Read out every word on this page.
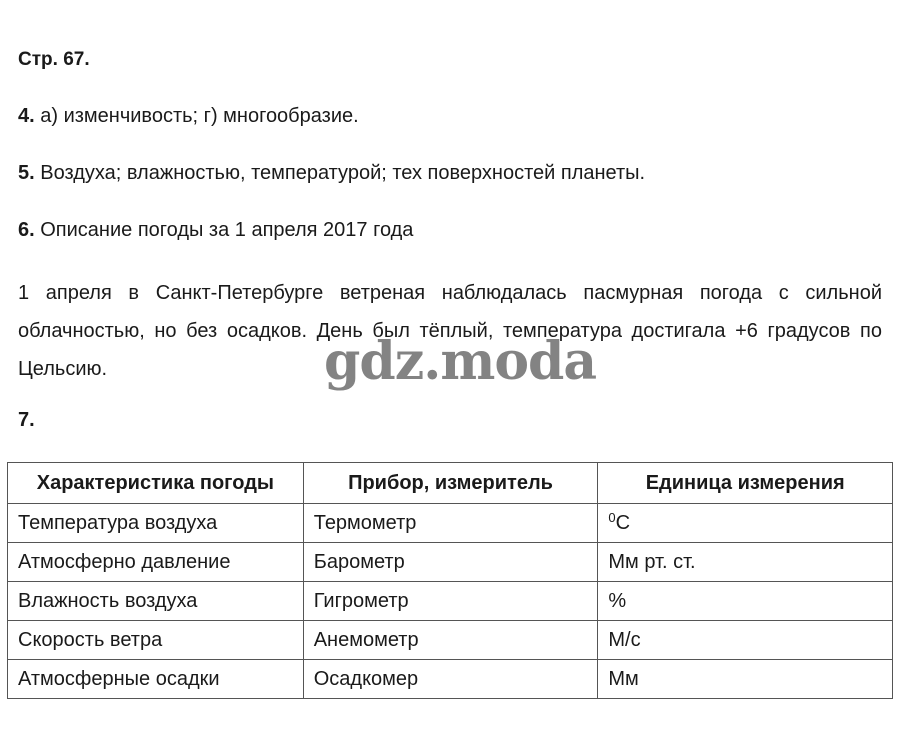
Стр. 67.
4. а) изменчивость; г) многообразие.
5. Воздуха; влажностью, температурой; тех поверхностей планеты.
6. Описание погоды за 1 апреля 2017 года
1 апреля в Санкт-Петербурге ветреная наблюдалась пасмурная погода с сильной облачностью, но без осадков. День был тёплый, температура достигала +6 градусов по Цельсию.	gdz.moda
7.
Характеристика погоды	Прибор, измеритель	Единица измерения
Температура воздуха	Термометр	$^0$С
Атмосферно давление	Барометр	Мм рт. ст.
Влажность воздуха	Гигрометр	%
Скорость ветра	Анемометр	М/с
Атмосферные осадки	Осадкомер	Мм
